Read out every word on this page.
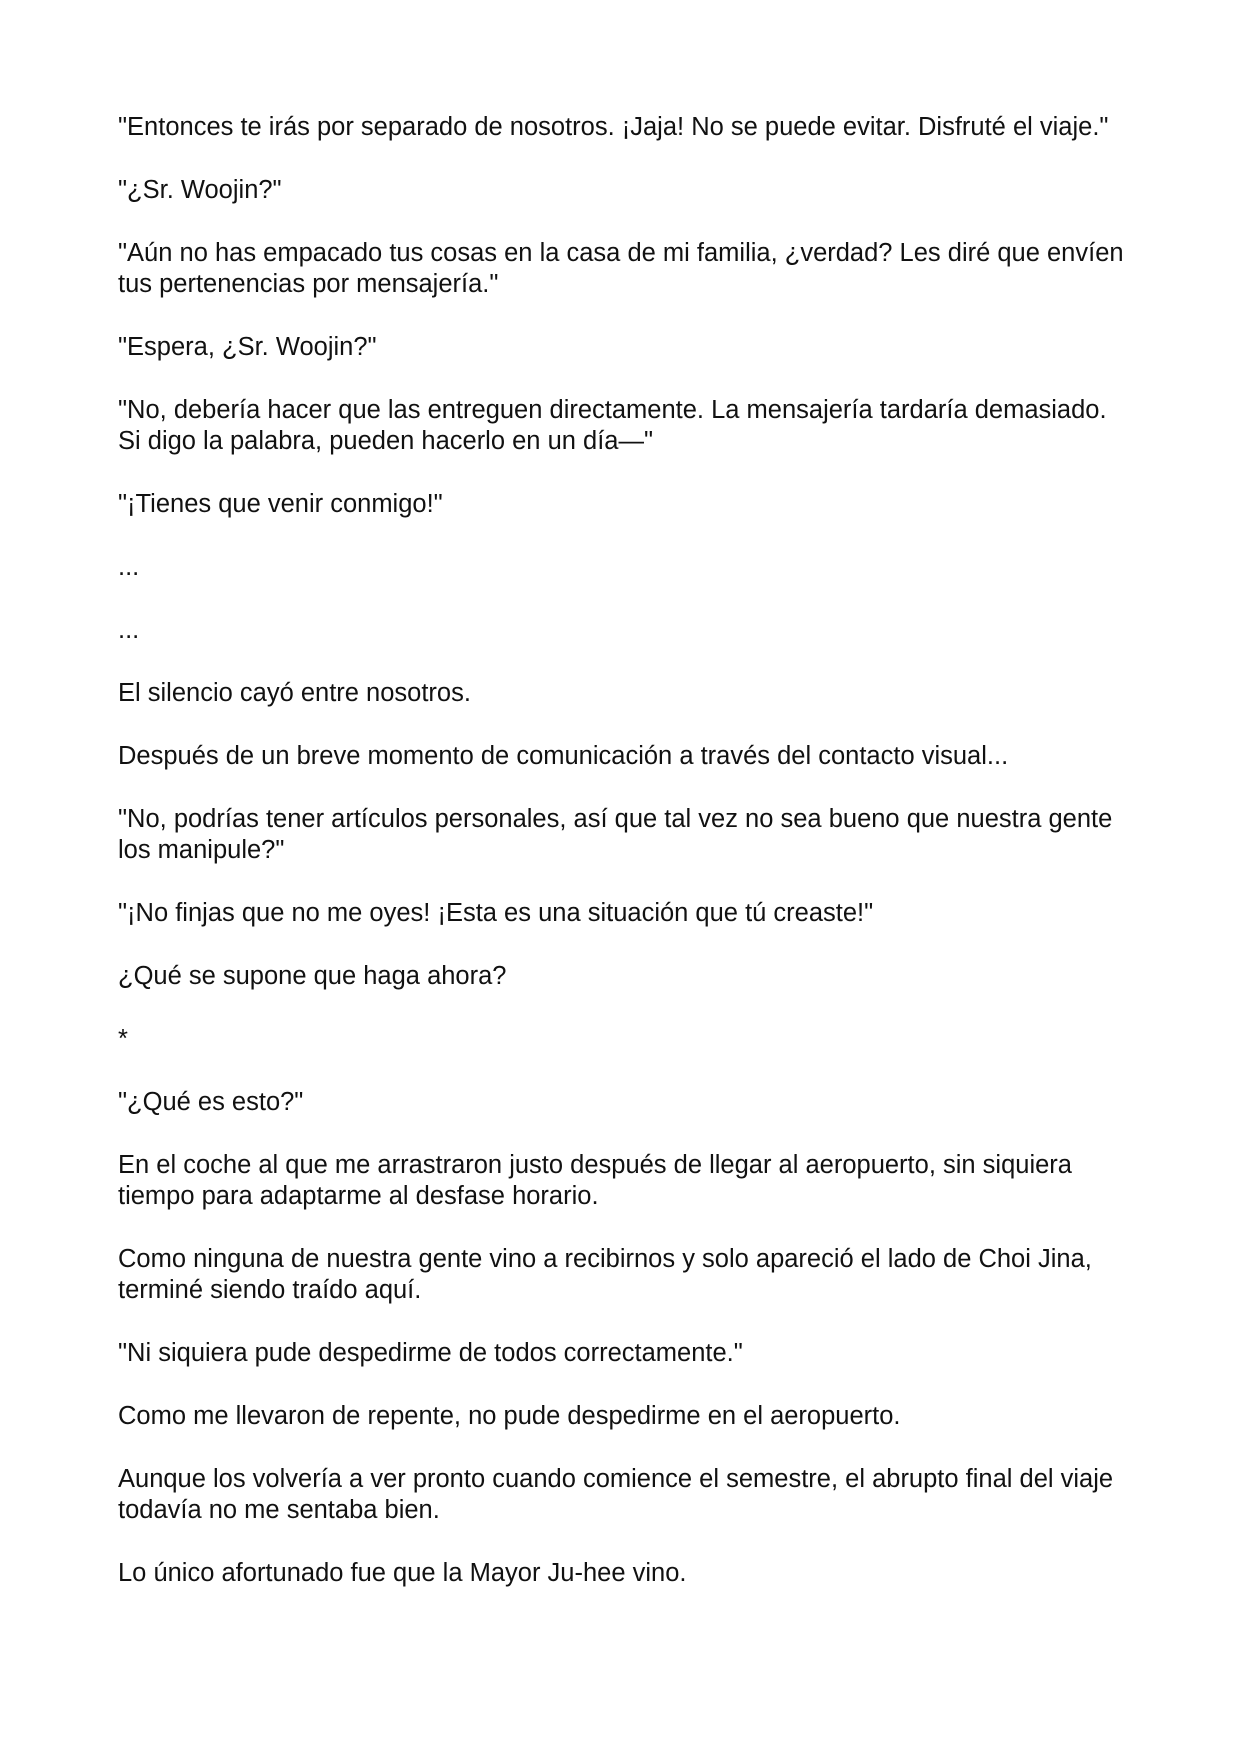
"Entonces te irás por separado de nosotros. ¡Jaja! No se puede evitar. Disfruté el viaje."

"¿Sr. Woojin?"

"Aún no has empacado tus cosas en la casa de mi familia, ¿verdad? Les diré que envíen tus pertenencias por mensajería."

"Espera, ¿Sr. Woojin?"

"No, debería hacer que las entreguen directamente. La mensajería tardaría demasiado. Si digo la palabra, pueden hacerlo en un día—"

"¡Tienes que venir conmigo!"

...

...

El silencio cayó entre nosotros.

Después de un breve momento de comunicación a través del contacto visual...

"No, podrías tener artículos personales, así que tal vez no sea bueno que nuestra gente los manipule?"

"¡No finjas que no me oyes! ¡Esta es una situación que tú creaste!"

¿Qué se supone que haga ahora?

*

"¿Qué es esto?"

En el coche al que me arrastraron justo después de llegar al aeropuerto, sin siquiera tiempo para adaptarme al desfase horario.

Como ninguna de nuestra gente vino a recibirnos y solo apareció el lado de Choi Jina, terminé siendo traído aquí.

"Ni siquiera pude despedirme de todos correctamente."

Como me llevaron de repente, no pude despedirme en el aeropuerto.

Aunque los volvería a ver pronto cuando comience el semestre, el abrupto final del viaje todavía no me sentaba bien.

Lo único afortunado fue que la Mayor Ju-hee vino.
